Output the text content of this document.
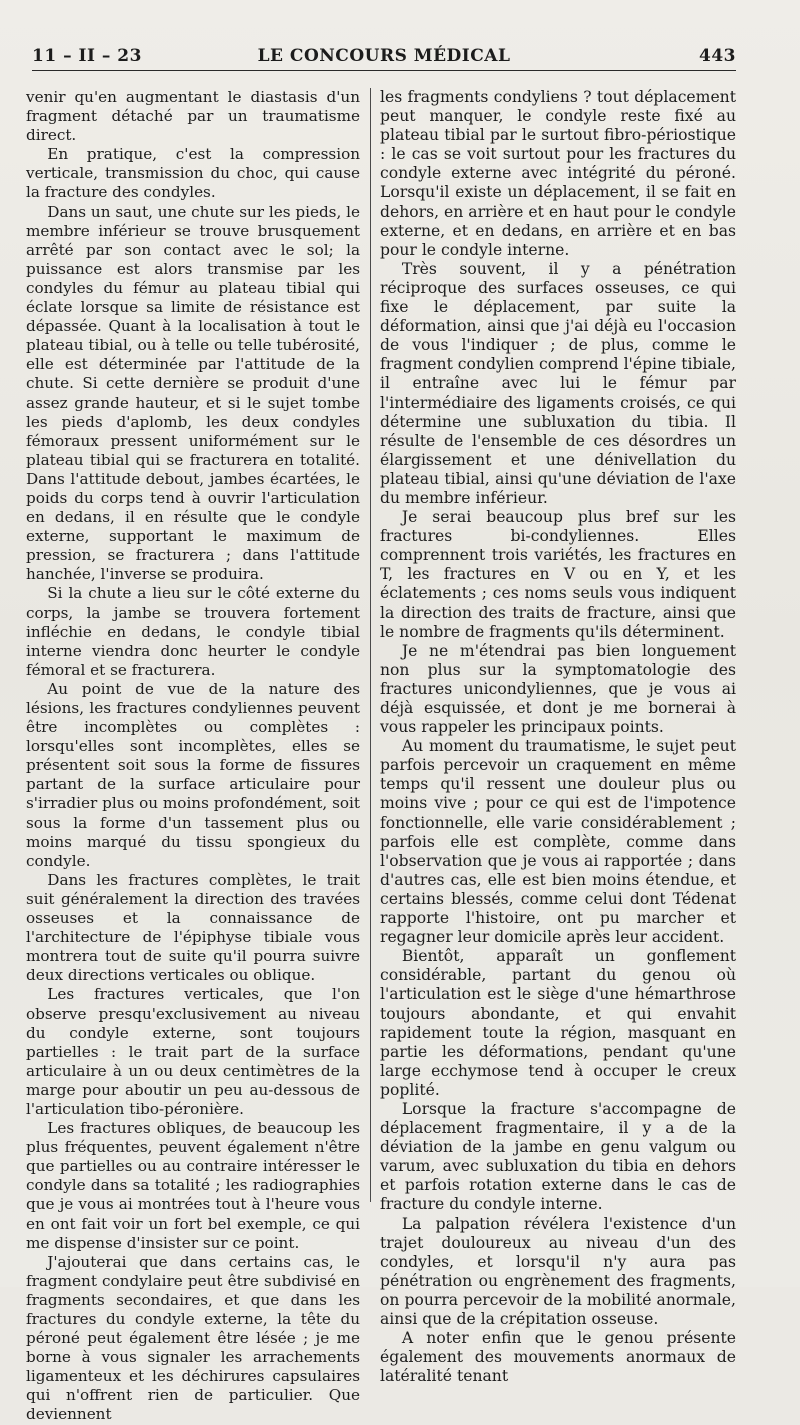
11 – II – 23	LE CONCOURS MÉDICAL	443

venir qu'en augmentant le diastasis d'un fragment détaché par un traumatisme direct.

En pratique, c'est la compression verticale, transmission du choc, qui cause la fracture des condyles.

Dans un saut, une chute sur les pieds, le membre inférieur se trouve brusquement arrêté par son contact avec le sol; la puissance est alors transmise par les condyles du fémur au plateau tibial qui éclate lorsque sa limite de résistance est dépassée. Quant à la localisation à tout le plateau tibial, ou à telle ou telle tubérosité, elle est déterminée par l'attitude de la chute. Si cette dernière se produit d'une assez grande hauteur, et si le sujet tombe les pieds d'aplomb, les deux condyles fémoraux pressent uniformément sur le plateau tibial qui se fracturera en totalité. Dans l'attitude debout, jambes écartées, le poids du corps tend à ouvrir l'articulation en dedans, il en résulte que le condyle externe, supportant le maximum de pression, se fracturera ; dans l'attitude hanchée, l'inverse se produira.

Si la chute a lieu sur le côté externe du corps, la jambe se trouvera fortement infléchie en dedans, le condyle tibial interne viendra donc heurter le condyle fémoral et se fracturera.

Au point de vue de la nature des lésions, les fractures condyliennes peuvent être incomplètes ou complètes : lorsqu'elles sont incomplètes, elles se présentent soit sous la forme de fissures partant de la surface articulaire pour s'irradier plus ou moins profondément, soit sous la forme d'un tassement plus ou moins marqué du tissu spongieux du condyle.

Dans les fractures complètes, le trait suit généralement la direction des travées osseuses et la connaissance de l'architecture de l'épiphyse tibiale vous montrera tout de suite qu'il pourra suivre deux directions verticales ou oblique.

Les fractures verticales, que l'on observe presqu'exclusivement au niveau du condyle externe, sont toujours partielles : le trait part de la surface articulaire à un ou deux centimètres de la marge pour aboutir un peu au-dessous de l'articulation tibo-péronière.

Les fractures obliques, de beaucoup les plus fréquentes, peuvent également n'être que partielles ou au contraire intéresser le condyle dans sa totalité ; les radiographies que je vous ai montrées tout à l'heure vous en ont fait voir un fort bel exemple, ce qui me dispense d'insister sur ce point.

J'ajouterai que dans certains cas, le fragment condylaire peut être subdivisé en fragments secondaires, et que dans les fractures du condyle externe, la tête du péroné peut également être lésée ; je me borne à vous signaler les arrachements ligamenteux et les déchirures capsulaires qui n'offrent rien de particulier. Que deviennent

les fragments condyliens ? tout déplacement peut manquer, le condyle reste fixé au plateau tibial par le surtout fibro-périostique : le cas se voit surtout pour les fractures du condyle externe avec intégrité du péroné. Lorsqu'il existe un déplacement, il se fait en dehors, en arrière et en haut pour le condyle externe, et en dedans, en arrière et en bas pour le condyle interne.

Très souvent, il y a pénétration réciproque des surfaces osseuses, ce qui fixe le déplacement, par suite la déformation, ainsi que j'ai déjà eu l'occasion de vous l'indiquer ; de plus, comme le fragment condylien comprend l'épine tibiale, il entraîne avec lui le fémur par l'intermédiaire des ligaments croisés, ce qui détermine une subluxation du tibia. Il résulte de l'ensemble de ces désordres un élargissement et une dénivellation du plateau tibial, ainsi qu'une déviation de l'axe du membre inférieur.

Je serai beaucoup plus bref sur les fractures bi-condyliennes. Elles comprennent trois variétés, les fractures en T, les fractures en V ou en Y, et les éclatements ; ces noms seuls vous indiquent la direction des traits de fracture, ainsi que le nombre de fragments qu'ils déterminent.

Je ne m'étendrai pas bien longuement non plus sur la symptomatologie des fractures unicondyliennes, que je vous ai déjà esquissée, et dont je me bornerai à vous rappeler les principaux points.

Au moment du traumatisme, le sujet peut parfois percevoir un craquement en même temps qu'il ressent une douleur plus ou moins vive ; pour ce qui est de l'impotence fonctionnelle, elle varie considérablement ; parfois elle est complète, comme dans l'observation que je vous ai rapportée ; dans d'autres cas, elle est bien moins étendue, et certains blessés, comme celui dont Tédenat rapporte l'histoire, ont pu marcher et regagner leur domicile après leur accident.

Bientôt, apparaît un gonflement considérable, partant du genou où l'articulation est le siège d'une hémarthrose toujours abondante, et qui envahit rapidement toute la région, masquant en partie les déformations, pendant qu'une large ecchymose tend à occuper le creux poplité.

Lorsque la fracture s'accompagne de déplacement fragmentaire, il y a de la déviation de la jambe en genu valgum ou varum, avec subluxation du tibia en dehors et parfois rotation externe dans le cas de fracture du condyle interne.

La palpation révélera l'existence d'un trajet douloureux au niveau d'un des condyles, et lorsqu'il n'y aura pas pénétration ou engrènement des fragments, on pourra percevoir de la mobilité anormale, ainsi que de la crépitation osseuse.

A noter enfin que le genou présente également des mouvements anormaux de latéralité tenant
